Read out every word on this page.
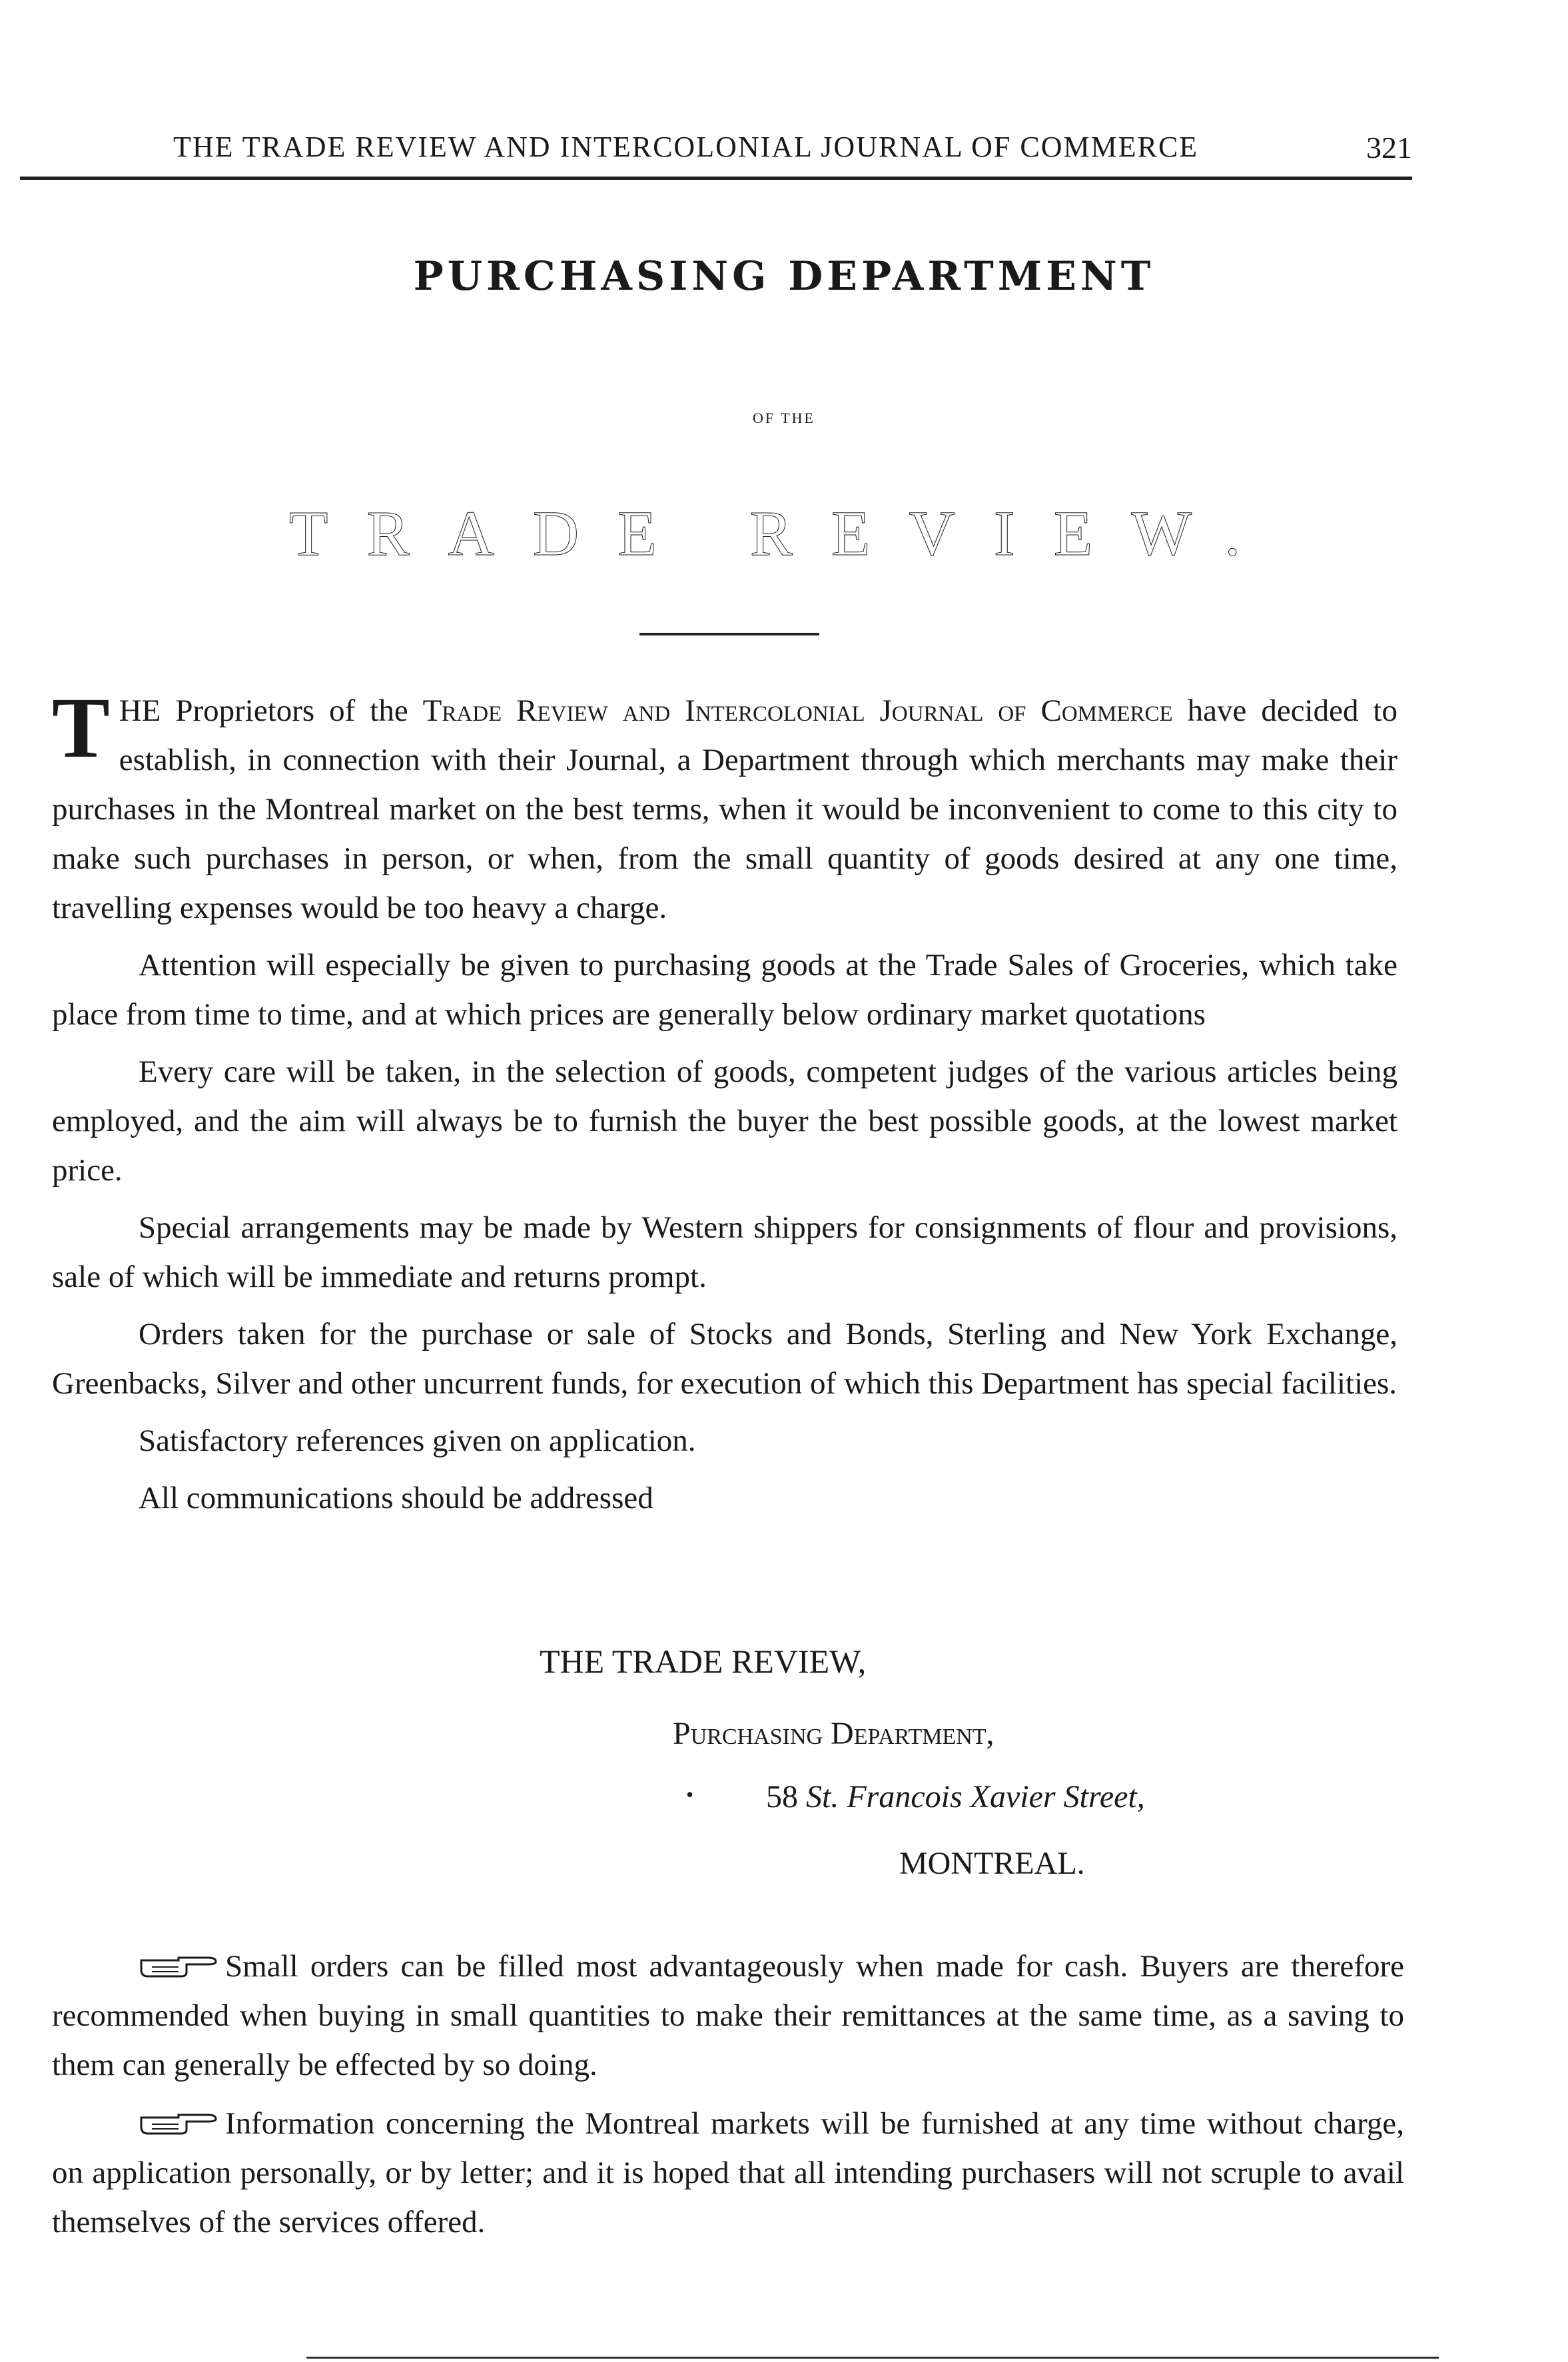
THE TRADE REVIEW AND INTERCOLONIAL JOURNAL OF COMMERCE	321
PURCHASING DEPARTMENT
OF THE
TRADE REVIEW.

THE Proprietors of the Trade Review and Intercolonial Journal of Commerce have decided to establish, in connection with their Journal, a Department through which merchants may make their purchases in the Montreal market on the best terms, when it would be inconvenient to come to this city to make such purchases in person, or when, from the small quantity of goods desired at any one time, travelling expenses would be too heavy a charge.

Attention will especially be given to purchasing goods at the Trade Sales of Groceries, which take place from time to time, and at which prices are generally below ordinary market quotations

Every care will be taken, in the selection of goods, competent judges of the various articles being employed, and the aim will always be to furnish the buyer the best possible goods, at the lowest market price.

Special arrangements may be made by Western shippers for consignments of flour and provisions, sale of which will be immediate and returns prompt.

Orders taken for the purchase or sale of Stocks and Bonds, Sterling and New York Exchange, Greenbacks, Silver and other uncurrent funds, for execution of which this Department has special facilities.

Satisfactory references given on application.

All communications should be addressed

THE TRADE REVIEW,
Purchasing Department,
• 58 St. Francois Xavier Street,
MONTREAL.

Small orders can be filled most advantageously when made for cash. Buyers are therefore recommended when buying in small quantities to make their remittances at the same time, as a saving to them can generally be effected by so doing.

Information concerning the Montreal markets will be furnished at any time without charge, on application personally, or by letter; and it is hoped that all intending purchasers will not scruple to avail themselves of the services offered.
